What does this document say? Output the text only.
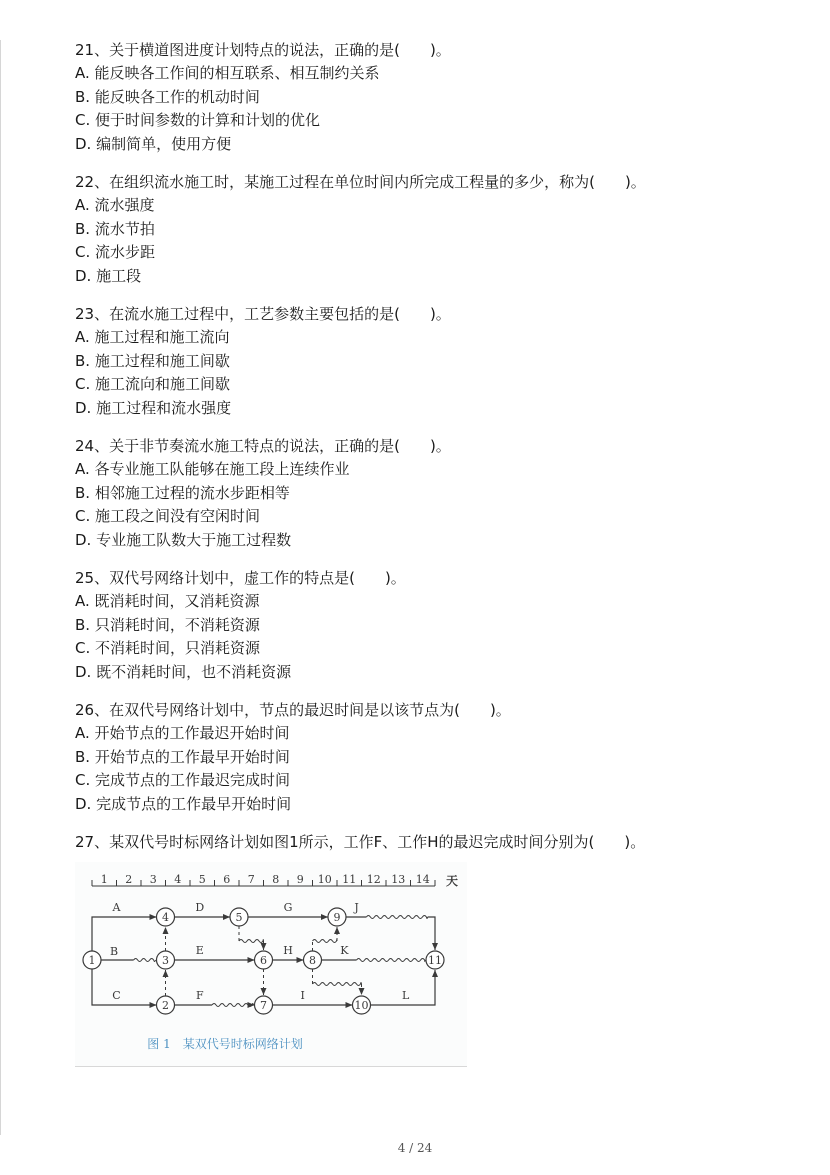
21、关于横道图进度计划特点的说法，正确的是(　　)。
A. 能反映各工作间的相互联系、相互制约关系
B. 能反映各工作的机动时间
C. 便于时间参数的计算和计划的优化
D. 编制简单，使用方便
22、在组织流水施工时，某施工过程在单位时间内所完成工程量的多少，称为(　　)。
A. 流水强度
B. 流水节拍
C. 流水步距
D. 施工段
23、在流水施工过程中，工艺参数主要包括的是(　　)。
A. 施工过程和施工流向
B. 施工过程和施工间歇
C. 施工流向和施工间歇
D. 施工过程和流水强度
24、关于非节奏流水施工特点的说法，正确的是(　　)。
A. 各专业施工队能够在施工段上连续作业
B. 相邻施工过程的流水步距相等
C. 施工段之间没有空闲时间
D. 专业施工队数大于施工过程数
25、双代号网络计划中，虚工作的特点是(　　)。
A. 既消耗时间，又消耗资源
B. 只消耗时间，不消耗资源
C. 不消耗时间，只消耗资源
D. 既不消耗时间，也不消耗资源
26、在双代号网络计划中，节点的最迟时间是以该节点为(　　)。
A. 开始节点的工作最迟开始时间
B. 开始节点的工作最早开始时间
C. 完成节点的工作最迟完成时间
D. 完成节点的工作最早开始时间
27、某双代号时标网络计划如图1所示，工作F、工作H的最迟完成时间分别为(　　)。
1 2 3 4 5 6 7 8 9 10 11 12 13 14 天
A
B
C
D
E
F
G
H
I
J
K
L
1
2
3
4	5
6
7
8
9
10
11
图 1　某双代号时标网络计划
4 / 24
